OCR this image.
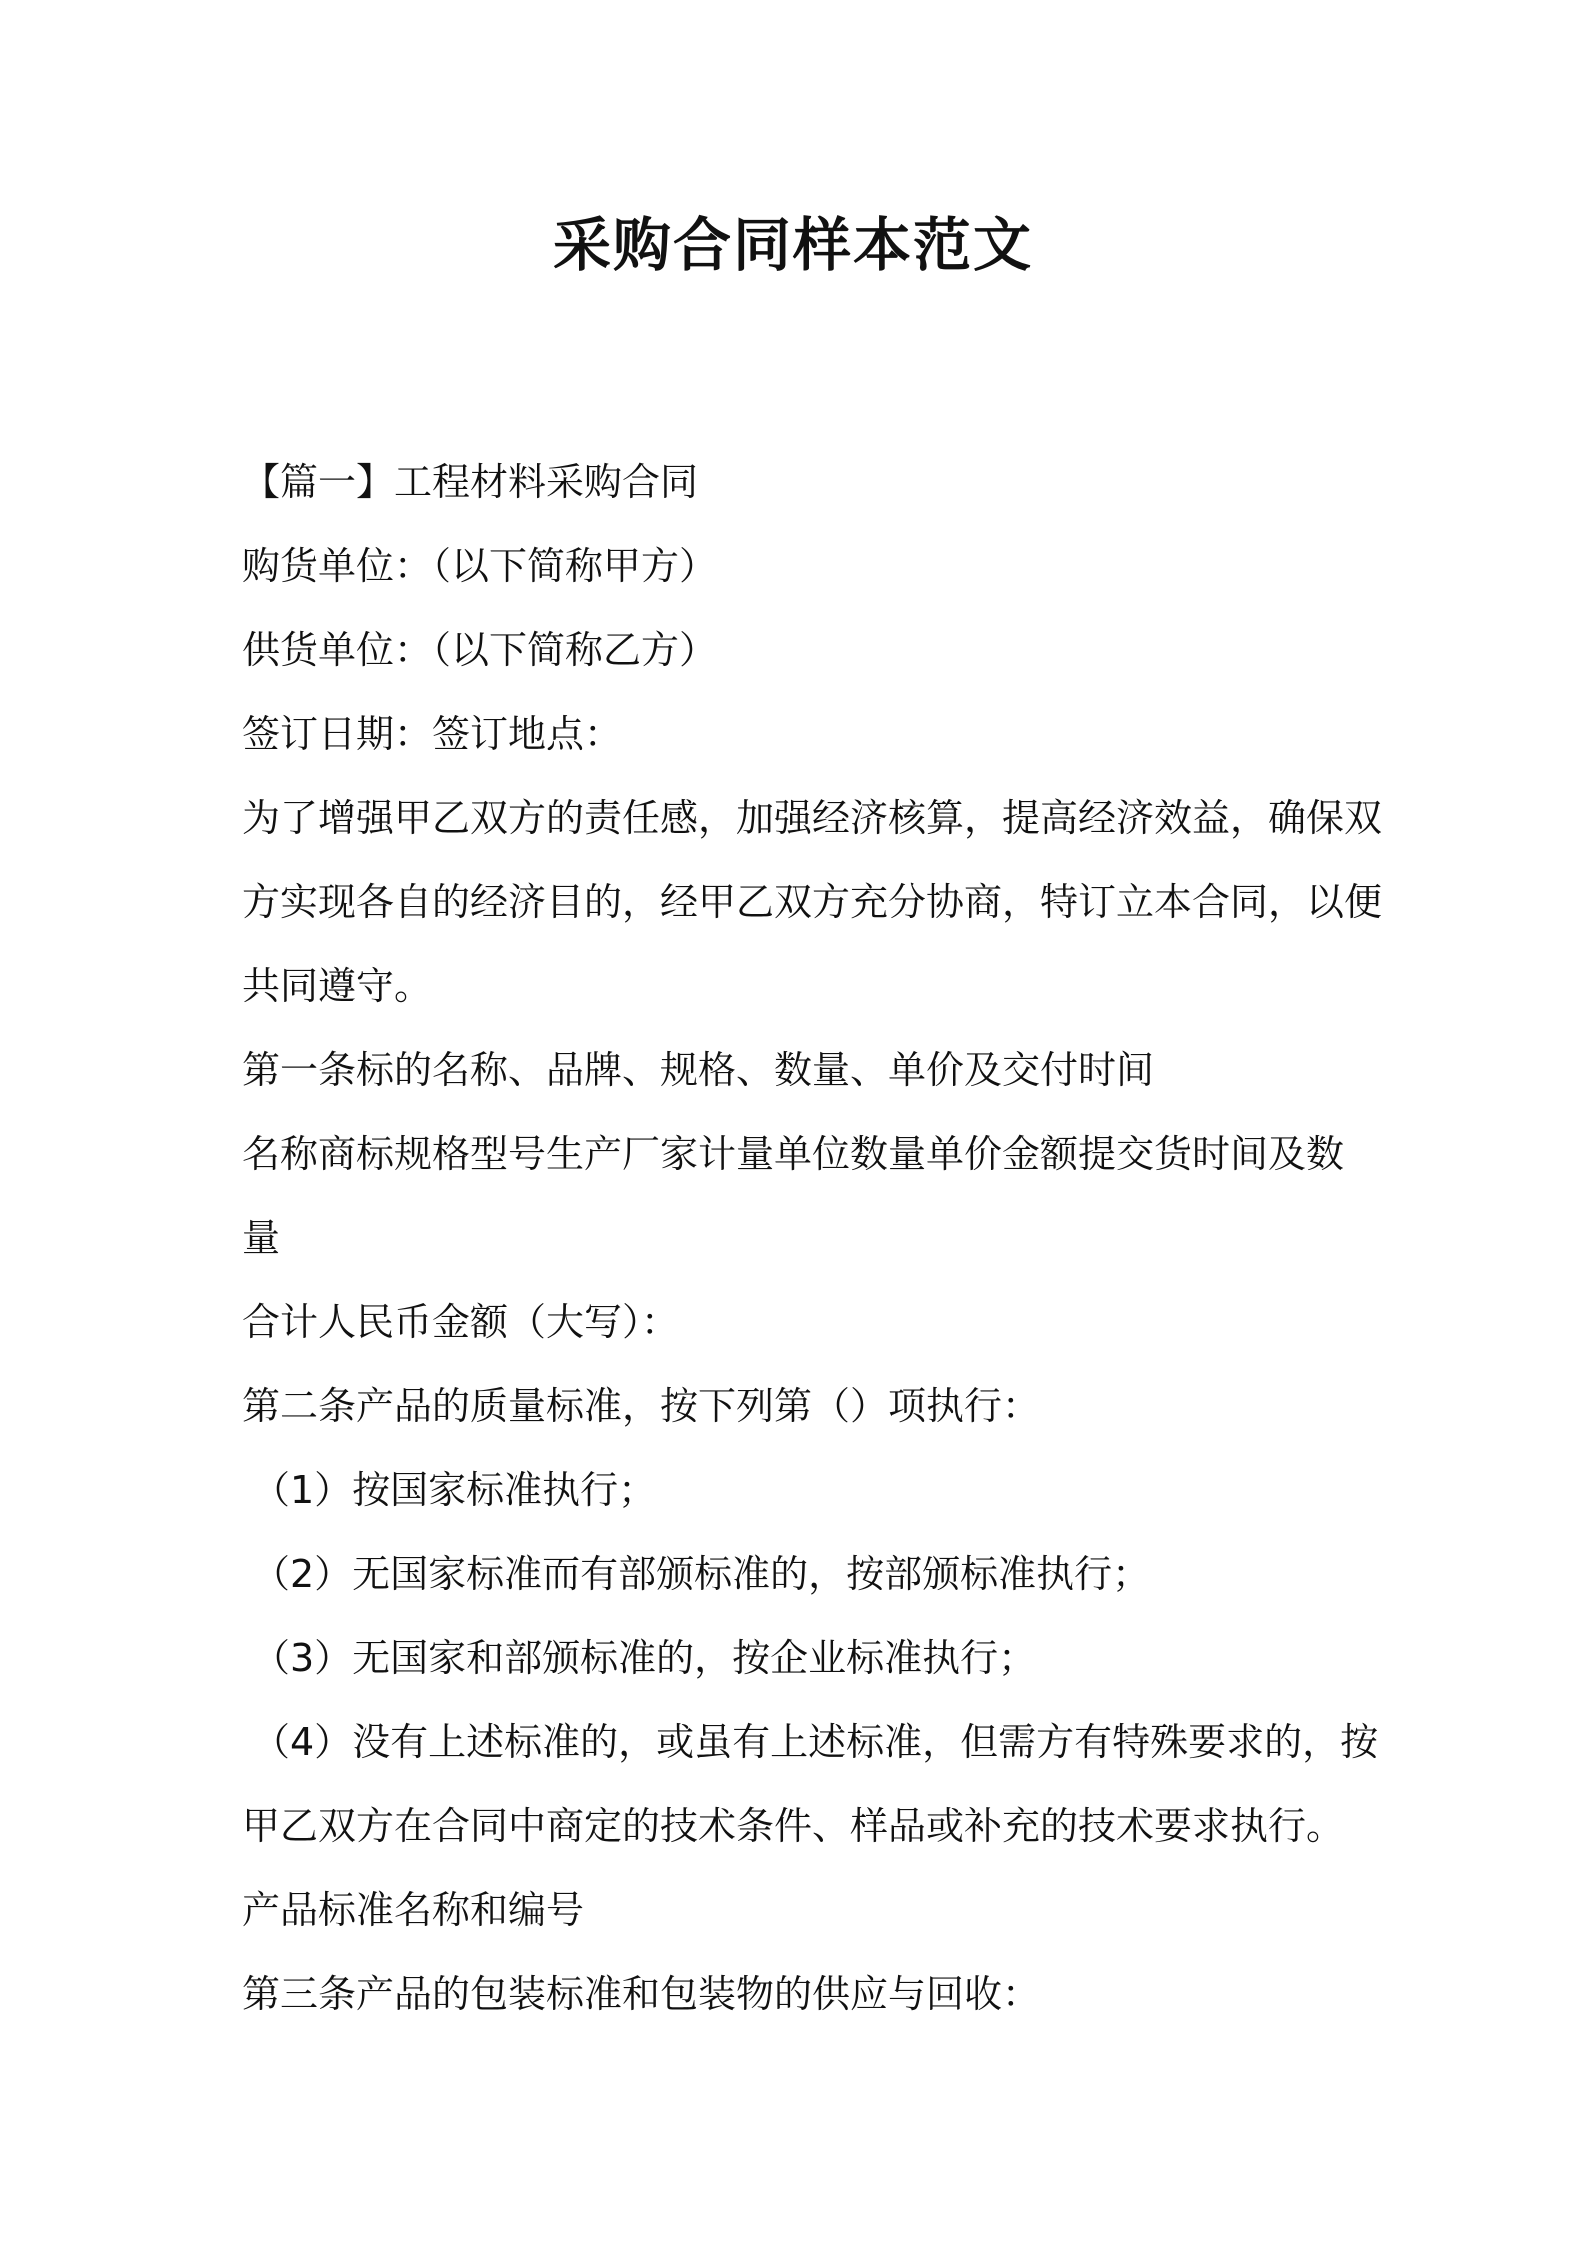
采购合同样本范文

【篇一】工程材料采购合同

购货单位：（以下简称甲方）

供货单位：（以下简称乙方）

签订日期：签订地点：

为了增强甲乙双方的责任感，加强经济核算，提高经济效益，确保双

方实现各自的经济目的，经甲乙双方充分协商，特订立本合同，以便

共同遵守。

第一条标的名称、品牌、规格、数量、单价及交付时间

名称商标规格型号生产厂家计量单位数量单价金额提交货时间及数

量

合计人民币金额（大写）：

第二条产品的质量标准，按下列第（）项执行：

（1）按国家标准执行；

（2）无国家标准而有部颁标准的，按部颁标准执行；

（3）无国家和部颁标准的，按企业标准执行；

（4）没有上述标准的，或虽有上述标准，但需方有特殊要求的，按

甲乙双方在合同中商定的技术条件、样品或补充的技术要求执行。

产品标准名称和编号

第三条产品的包装标准和包装物的供应与回收：
